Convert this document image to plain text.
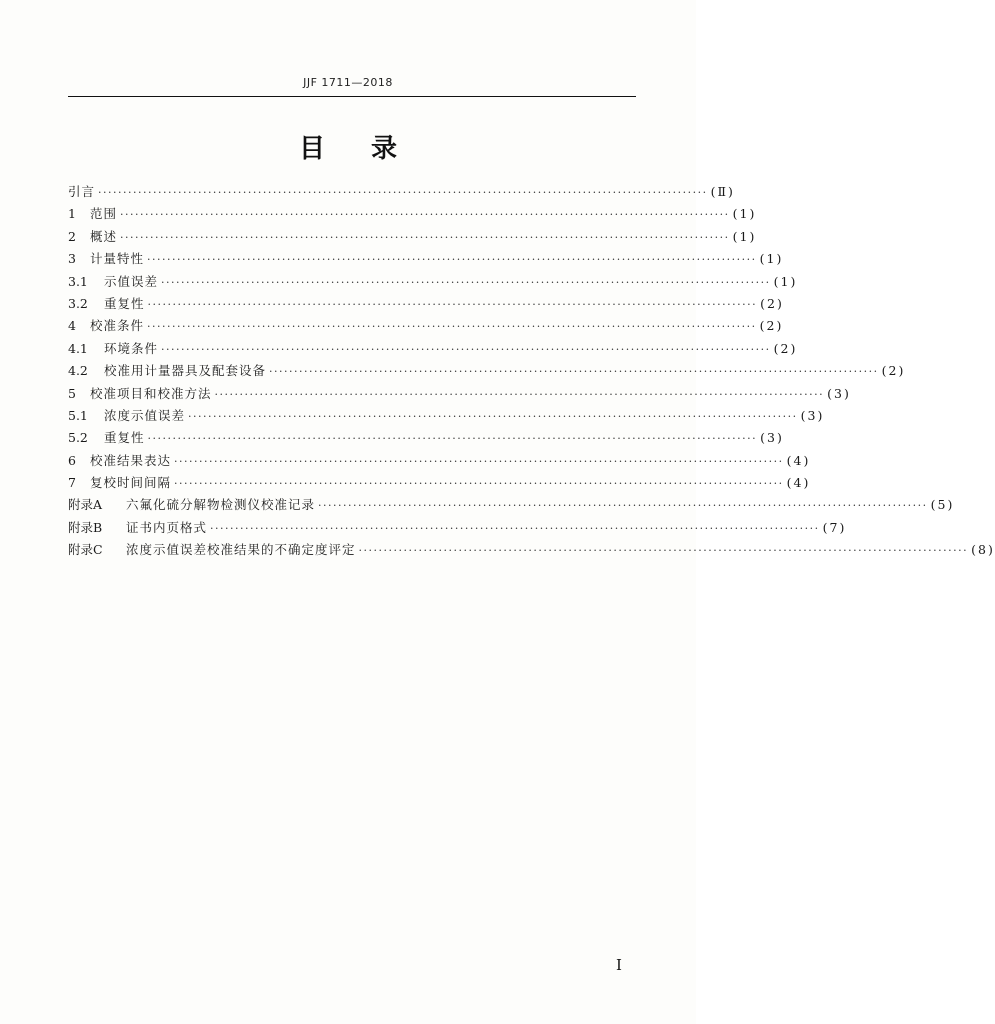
JJF 1711—2018
目 录
引言 ·························································································································· (Ⅱ)
1	范围 ·························································································································· (1)
2	概述 ·························································································································· (1)
3	计量特性 ·························································································································· (1)
3.1	示值误差 ·························································································································· (1)
3.2	重复性 ·························································································································· (2)
4	校准条件 ·························································································································· (2)
4.1	环境条件 ·························································································································· (2)
4.2	校准用计量器具及配套设备 ·························································································································· (2)
5	校准项目和校准方法 ·························································································································· (3)
5.1	浓度示值误差 ·························································································································· (3)
5.2	重复性 ·························································································································· (3)
6	校准结果表达 ·························································································································· (4)
7	复校时间间隔 ·························································································································· (4)
附录A	六氟化硫分解物检测仪校准记录 ·························································································································· (5)
附录B	证书内页格式 ·························································································································· (7)
附录C	浓度示值误差校准结果的不确定度评定 ·························································································································· (8)
Ⅰ
